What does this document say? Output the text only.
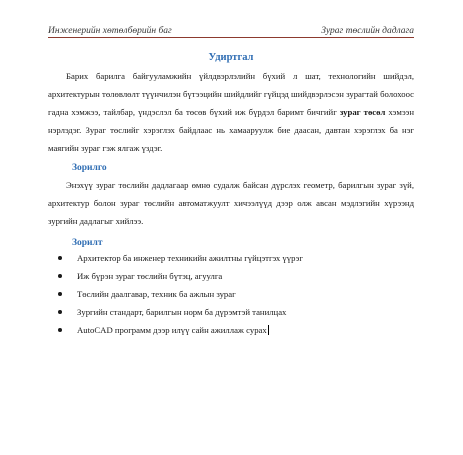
Инженерийн хөтөлбөрийн баг	Зураг төслийн дадлага
Удиртгал

Барих барилга байгууламжийн үйлдвэрлэлийн бүхий л шат, технологийн шийдэл, архитектурын төлөвлөлт түүнчилэн бүтээцийн шийдлийг гүйцэд шийдвэрлэсэн зурагтай болохоос гадна хэмжээ, тайлбар, үндэслэл ба төсөв бүхий иж бүрдэл баримт бичгийг зураг төсөл хэмээн нэрлэдэг. Зураг төслийг хэрэглэх байдлаас нь хамааруулж бие даасан, давтан хэрэглэх ба нэг маягийн зураг гэж ялгаж үздэг.

Зорилго

Энэхүү зураг төслийн дадлагаар өмнө судалж байсан дүрслэх геометр, барилгын зураг зүй, архитектур болон зураг төслийн автоматжуулт хичээлүүд дээр олж авсан мэдлэгийн хүрээнд зургийн дадлагыг хийлээ.

Зорилт
Архитектор ба инженер техникийн ажилтны гүйцэтгэх үүрэг
Иж бүрэн зураг төслийн бүтэц, агуулга
Төслийн даалгавар, техник ба ажлын зураг
Зургийн стандарт, барилгын норм ба дүрэмтэй танилцах
AutoCAD программ дээр илүү сайн ажиллаж сурах
